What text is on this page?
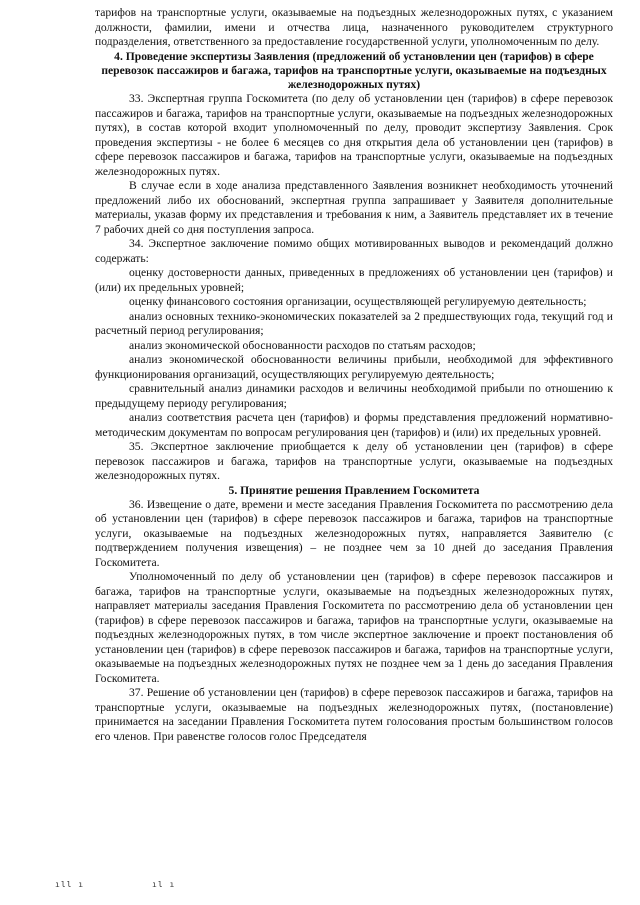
тарифов на транспортные услуги, оказываемые на подъездных железнодорожных путях, с указанием должности, фамилии, имени и отчества лица, назначенного руководителем структурного подразделения, ответственного за предоставление государственной услуги, уполномоченным по делу.

4. Проведение экспертизы Заявления (предложений об установлении цен (тарифов) в сфере перевозок пассажиров и багажа, тарифов на транспортные услуги, оказываемые на подъездных железнодорожных путях)

33. Экспертная группа Госкомитета (по делу об установлении цен (тарифов) в сфере перевозок пассажиров и багажа, тарифов на транспортные услуги, оказываемые на подъездных железнодорожных путях), в состав которой входит уполномоченный по делу, проводит экспертизу Заявления. Срок проведения экспертизы - не более 6 месяцев со дня открытия дела об установлении цен (тарифов) в сфере перевозок пассажиров и багажа, тарифов на транспортные услуги, оказываемые на подъездных железнодорожных путях.

В случае если в ходе анализа представленного Заявления возникнет необходимость уточнений предложений либо их обоснований, экспертная группа запрашивает у Заявителя дополнительные материалы, указав форму их представления и требования к ним, а Заявитель представляет их в течение 7 рабочих дней со дня поступления запроса.

34. Экспертное заключение помимо общих мотивированных выводов и рекомендаций должно содержать:

оценку достоверности данных, приведенных в предложениях об установлении цен (тарифов) и (или) их предельных уровней;

оценку финансового состояния организации, осуществляющей регулируемую деятельность;

анализ основных технико-экономических показателей за 2 предшествующих года, текущий год и расчетный период регулирования;

анализ экономической обоснованности расходов по статьям расходов;

анализ экономической обоснованности величины прибыли, необходимой для эффективного функционирования организаций, осуществляющих регулируемую деятельность;

сравнительный анализ динамики расходов и величины необходимой прибыли по отношению к предыдущему периоду регулирования;

анализ соответствия расчета цен (тарифов) и формы представления предложений нормативно-методическим документам по вопросам регулирования цен (тарифов) и (или) их предельных уровней.

35. Экспертное заключение приобщается к делу об установлении цен (тарифов) в сфере перевозок пассажиров и багажа, тарифов на транспортные услуги, оказываемые на подъездных железнодорожных путях.

5. Принятие решения Правлением Госкомитета

36. Извещение о дате, времени и месте заседания Правления Госкомитета по рассмотрению дела об установлении цен (тарифов) в сфере перевозок пассажиров и багажа, тарифов на транспортные услуги, оказываемые на подъездных железнодорожных путях, направляется Заявителю (с подтверждением получения извещения) – не позднее чем за 10 дней до заседания Правления Госкомитета.

Уполномоченный по делу об установлении цен (тарифов) в сфере перевозок пассажиров и багажа, тарифов на транспортные услуги, оказываемые на подъездных железнодорожных путях, направляет материалы заседания Правления Госкомитета по рассмотрению дела об установлении цен (тарифов) в сфере перевозок пассажиров и багажа, тарифов на транспортные услуги, оказываемые на подъездных железнодорожных путях, в том числе экспертное заключение и проект постановления об установлении цен (тарифов) в сфере перевозок пассажиров и багажа, тарифов на транспортные услуги, оказываемые на подъездных железнодорожных путях не позднее чем за 1 день до заседания Правления Госкомитета.

37. Решение об установлении цен (тарифов) в сфере перевозок пассажиров и багажа, тарифов на транспортные услуги, оказываемые на подъездных железнодорожных путях, (постановление) принимается на заседании Правления Госкомитета путем голосования простым большинством голосов его членов. При равенстве голосов голос Председателя

ıll ı	ıl ı
